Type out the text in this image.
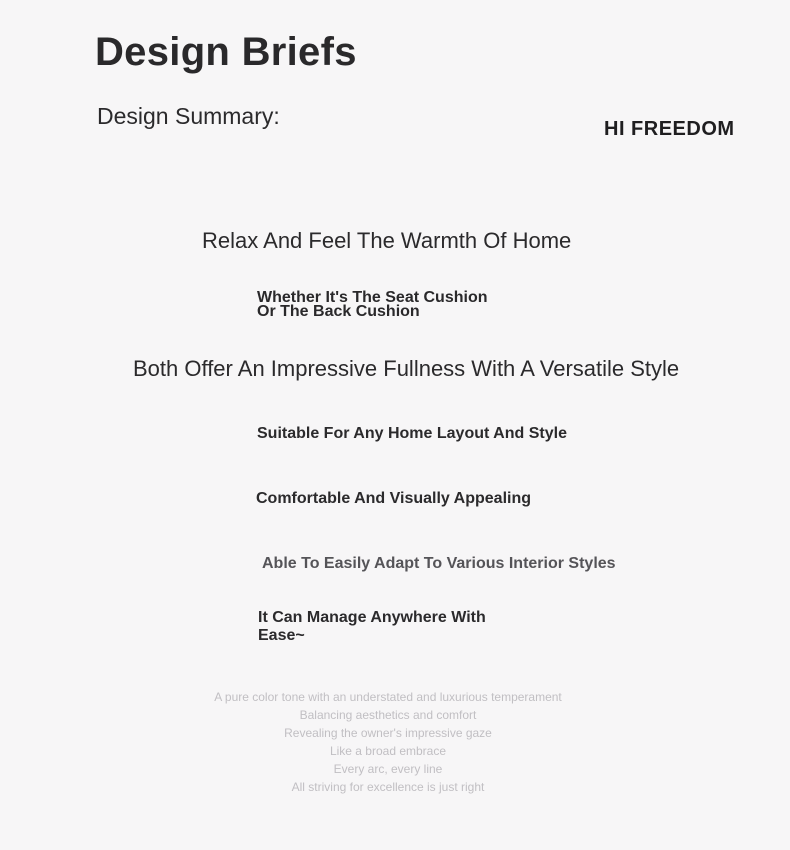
Design Briefs
Design Summary:	HI FREEDOM
Relax And Feel The Warmth Of Home
Whether It's The Seat Cushion
Or The Back Cushion
Both Offer An Impressive Fullness With A Versatile Style
Suitable For Any Home Layout And Style
Comfortable And Visually Appealing
Able To Easily Adapt To Various Interior Styles
It Can Manage Anywhere With Ease~
A pure color tone with an understated and luxurious temperament
Balancing aesthetics and comfort
Revealing the owner's impressive gaze
Like a broad embrace
Every arc, every line
All striving for excellence is just right
